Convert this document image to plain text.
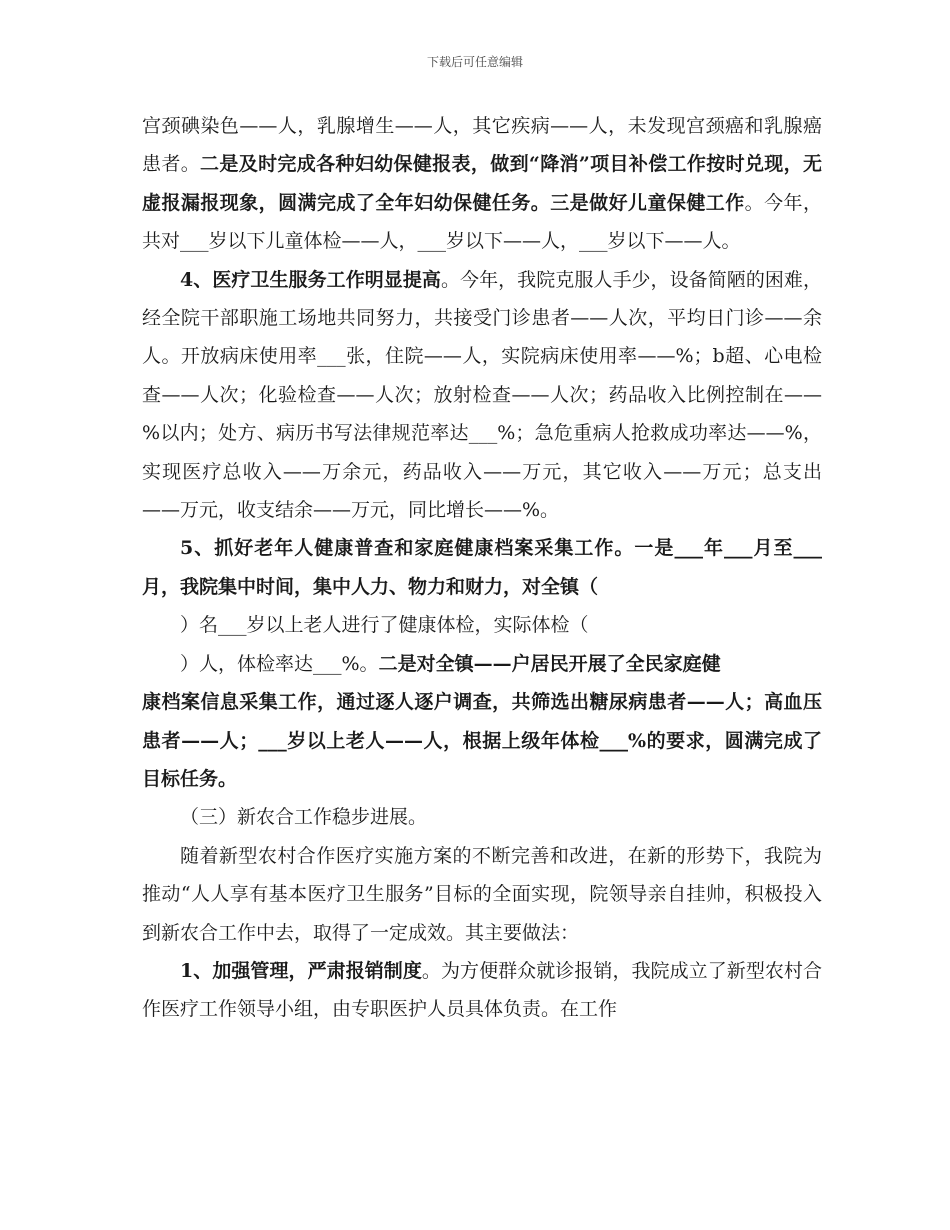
下载后可任意编辑

宫颈碘染色——人，乳腺增生——人，其它疾病——人，未发现宫颈癌和乳腺癌患者。二是及时完成各种妇幼保健报表，做到“降消”项目补偿工作按时兑现，无虚报漏报现象，圆满完成了全年妇幼保健任务。三是做好儿童保健工作。今年，共对___岁以下儿童体检——人，___岁以下——人，___岁以下——人。

4、医疗卫生服务工作明显提高。今年，我院克服人手少，设备简陋的困难，经全院干部职施工场地共同努力，共接受门诊患者——人次，平均日门诊——余人。开放病床使用率___张，住院——人，实院病床使用率——%；b超、心电检查——人次；化验检查——人次；放射检查——人次；药品收入比例控制在——%以内；处方、病历书写法律规范率达___%；急危重病人抢救成功率达——%，实现医疗总收入——万余元，药品收入——万元，其它收入——万元；总支出——万元，收支结余——万元，同比增长——%。

5、抓好老年人健康普查和家庭健康档案采集工作。一是___年___月至___月，我院集中时间，集中人力、物力和财力，对全镇（

）名___岁以上老人进行了健康体检，实际体检（

）人，体检率达___%。二是对全镇——户居民开展了全民家庭健

康档案信息采集工作，通过逐人逐户调查，共筛选出糖尿病患者——人；高血压患者——人；___岁以上老人——人，根据上级年体检___%的要求，圆满完成了目标任务。

（三）新农合工作稳步进展。

随着新型农村合作医疗实施方案的不断完善和改进，在新的形势下，我院为推动“人人享有基本医疗卫生服务”目标的全面实现，院领导亲自挂帅，积极投入到新农合工作中去，取得了一定成效。其主要做法：

1、加强管理，严肃报销制度。为方便群众就诊报销，我院成立了新型农村合作医疗工作领导小组，由专职医护人员具体负责。在工作
